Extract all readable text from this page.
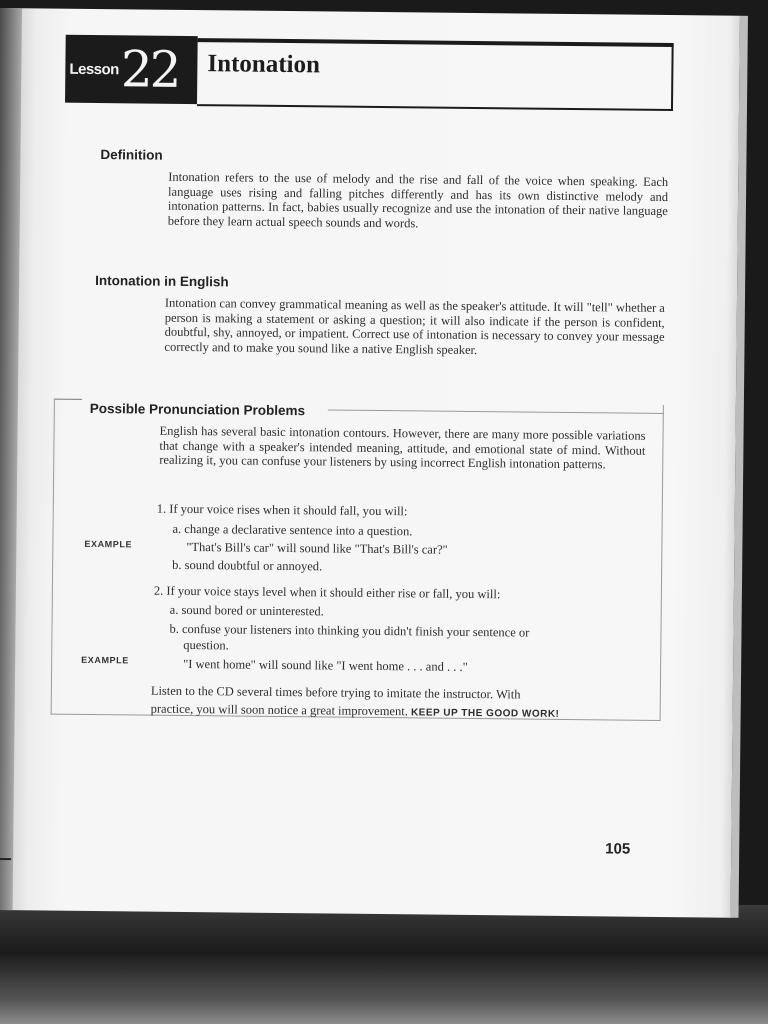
Lesson 22 Intonation
Definition
Intonation refers to the use of melody and the rise and fall of the voice when speaking. Each language uses rising and falling pitches differently and has its own distinctive melody and intonation patterns. In fact, babies usually recognize and use the intonation of their native language before they learn actual speech sounds and words.
Intonation in English
Intonation can convey grammatical meaning as well as the speaker's attitude. It will "tell" whether a person is making a statement or asking a question; it will also indicate if the person is confident, doubtful, shy, annoyed, or impatient. Correct use of intonation is necessary to convey your message correctly and to make you sound like a native English speaker.
Possible Pronunciation Problems
English has several basic intonation contours. However, there are many more possible variations that change with a speaker's intended meaning, attitude, and emotional state of mind. Without realizing it, you can confuse your listeners by using incorrect English intonation patterns.
1. If your voice rises when it should fall, you will:
a. change a declarative sentence into a question.
EXAMPLE	"That's Bill's car" will sound like "That's Bill's car?"
b. sound doubtful or annoyed.
2. If your voice stays level when it should either rise or fall, you will:
a. sound bored or uninterested.
b. confuse your listeners into thinking you didn't finish your sentence or
question.
EXAMPLE	"I went home" will sound like "I went home . . . and . . ."
Listen to the CD several times before trying to imitate the instructor. With
practice, you will soon notice a great improvement. KEEP UP THE GOOD WORK!
105
